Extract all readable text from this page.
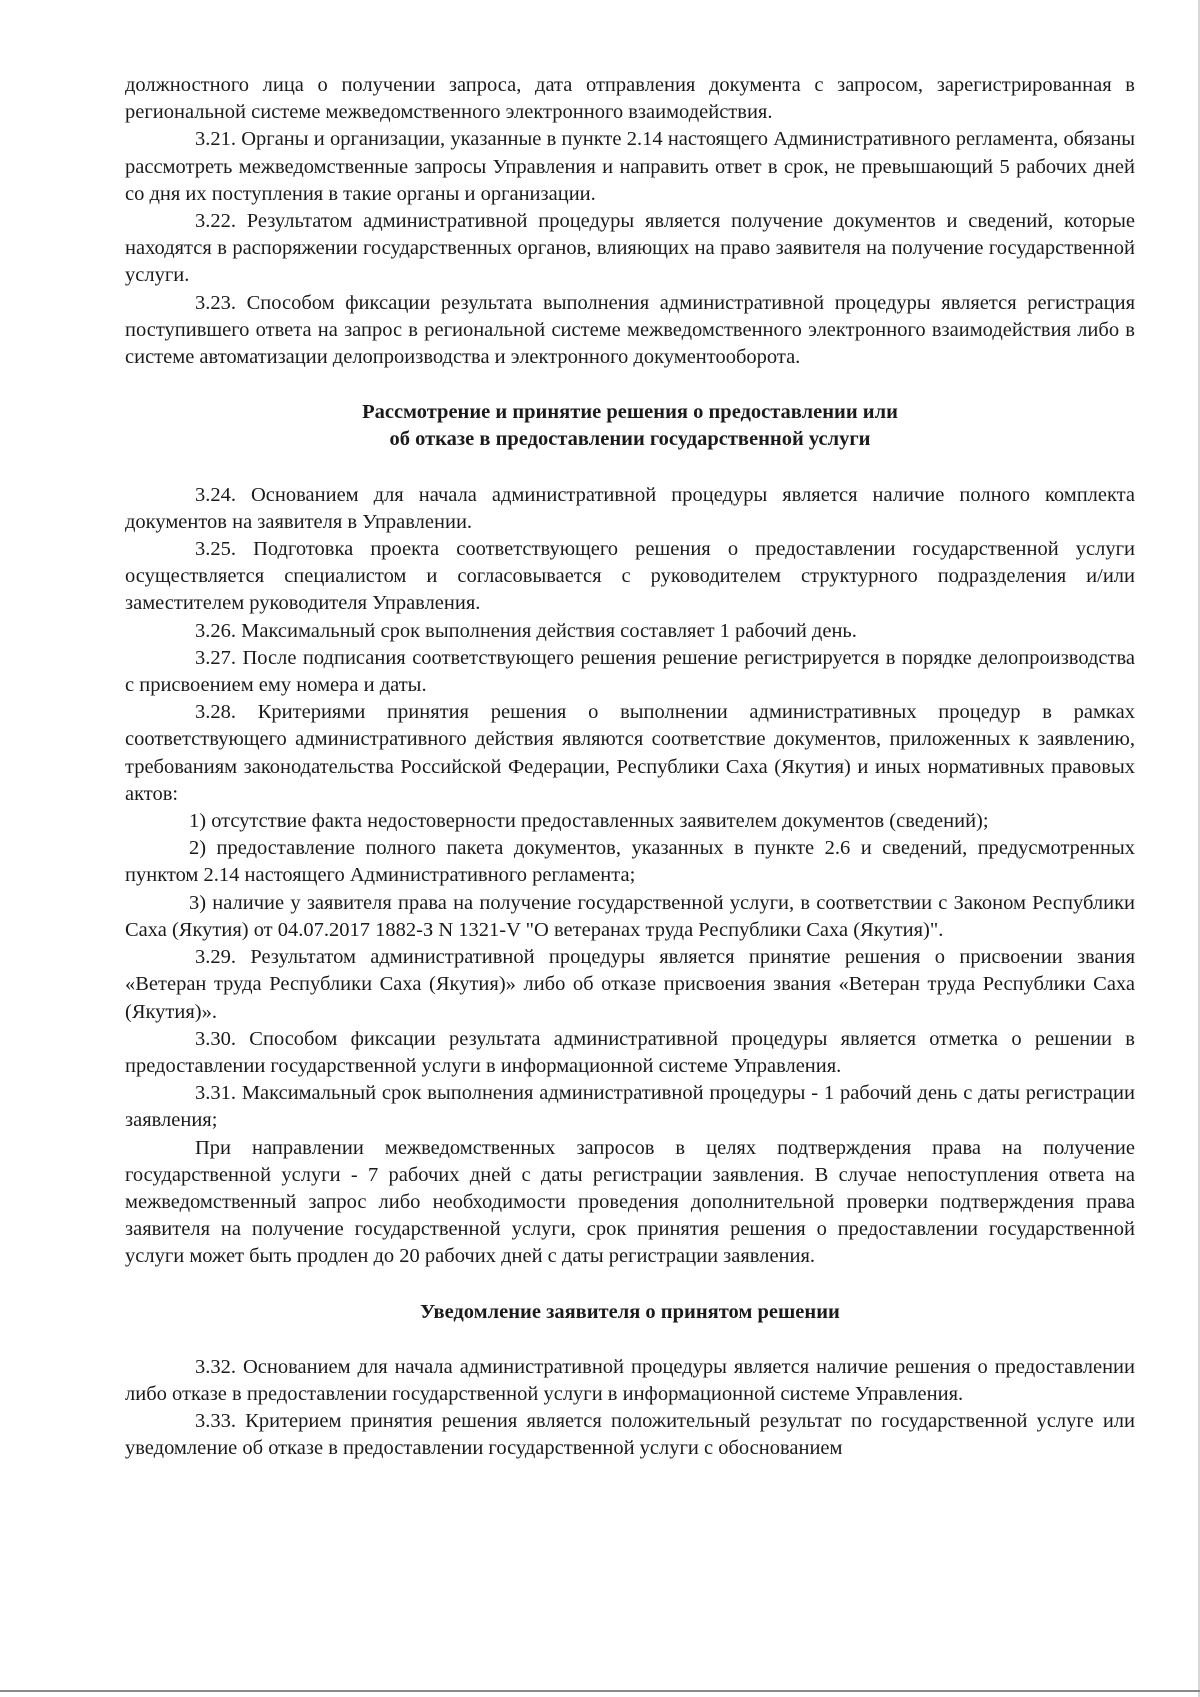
должностного лица о получении запроса, дата отправления документа с запросом, зарегистрированная в региональной системе межведомственного электронного взаимодействия.

3.21. Органы и организации, указанные в пункте 2.14 настоящего Административного регламента, обязаны рассмотреть межведомственные запросы Управления и направить ответ в срок, не превышающий 5 рабочих дней со дня их поступления в такие органы и организации.

3.22. Результатом административной процедуры является получение документов и сведений, которые находятся в распоряжении государственных органов, влияющих на право заявителя на получение государственной услуги.

3.23. Способом фиксации результата выполнения административной процедуры является регистрация поступившего ответа на запрос в региональной системе межведомственного электронного взаимодействия либо в системе автоматизации делопроизводства и электронного документооборота.

Рассмотрение и принятие решения о предоставлении или
об отказе в предоставлении государственной услуги

3.24. Основанием для начала административной процедуры является наличие полного комплекта документов на заявителя в Управлении.

3.25. Подготовка проекта соответствующего решения о предоставлении государственной услуги осуществляется специалистом и согласовывается с руководителем структурного подразделения и/или заместителем руководителя Управления.

3.26. Максимальный срок выполнения действия составляет 1 рабочий день.

3.27. После подписания соответствующего решения решение регистрируется в порядке делопроизводства с присвоением ему номера и даты.

3.28. Критериями принятия решения о выполнении административных процедур в рамках соответствующего административного действия являются соответствие документов, приложенных к заявлению, требованиям законодательства Российской Федерации, Республики Саха (Якутия) и иных нормативных правовых актов:

1) отсутствие факта недостоверности предоставленных заявителем документов (сведений);

2) предоставление полного пакета документов, указанных в пункте 2.6 и сведений, предусмотренных пунктом 2.14 настоящего Административного регламента;

3) наличие у заявителя права на получение государственной услуги, в соответствии с Законом Республики Саха (Якутия) от 04.07.2017 1882-З N 1321-V "О ветеранах труда Республики Саха (Якутия)".

3.29. Результатом административной процедуры является принятие решения о присвоении звания «Ветеран труда Республики Саха (Якутия)» либо об отказе присвоения звания «Ветеран труда Республики Саха (Якутия)».

3.30. Способом фиксации результата административной процедуры является отметка о решении в предоставлении государственной услуги в информационной системе Управления.

3.31. Максимальный срок выполнения административной процедуры - 1 рабочий день с даты регистрации заявления;

При направлении межведомственных запросов в целях подтверждения права на получение государственной услуги - 7 рабочих дней с даты регистрации заявления. В случае непоступления ответа на межведомственный запрос либо необходимости проведения дополнительной проверки подтверждения права заявителя на получение государственной услуги, срок принятия решения о предоставлении государственной услуги может быть продлен до 20 рабочих дней с даты регистрации заявления.

Уведомление заявителя о принятом решении

3.32. Основанием для начала административной процедуры является наличие решения о предоставлении либо отказе в предоставлении государственной услуги в информационной системе Управления.

3.33. Критерием принятия решения является положительный результат по государственной услуге или уведомление об отказе в предоставлении государственной услуги с обоснованием
